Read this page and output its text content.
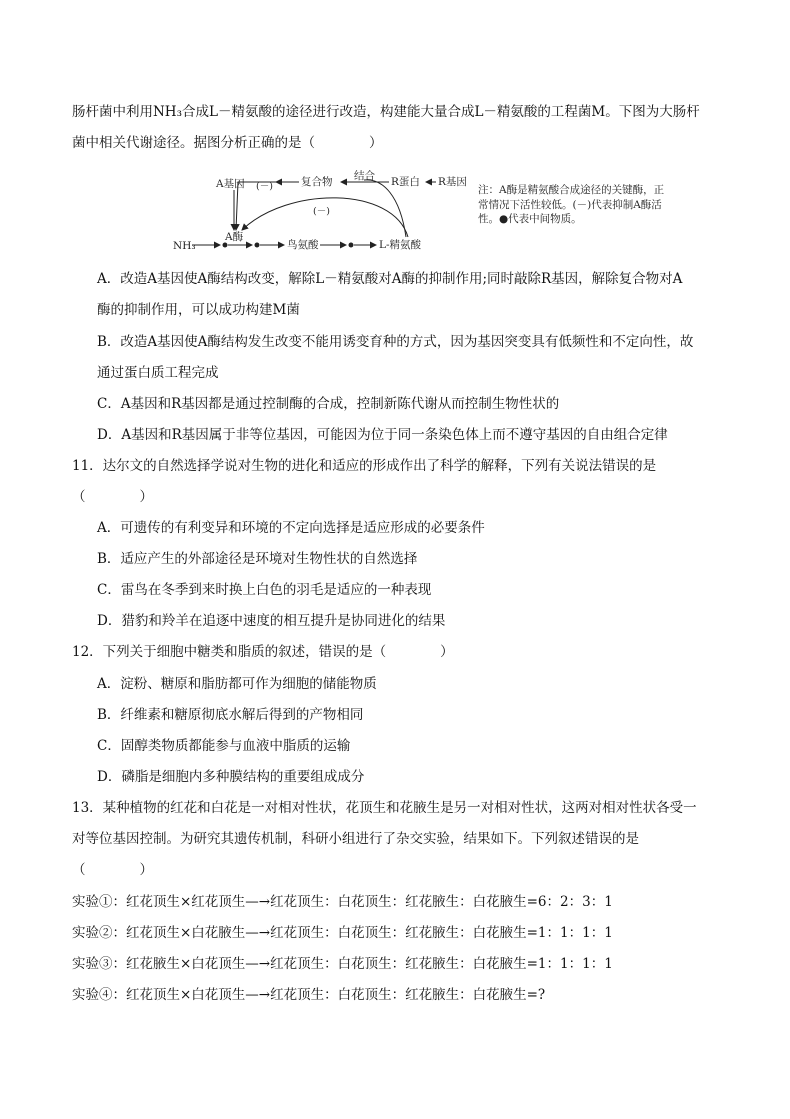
肠杆菌中利用NH₃合成L－精氨酸的途径进行改造，构建能大量合成L－精氨酸的工程菌M。下图为大肠杆
菌中相关代谢途径。据图分析正确的是（　　　　）
A基因 (－)	复合物 结合 R蛋白 R基因
(－)
NH₃
A酶
鸟氨酸	L-精氨酸
注：A酶是精氨酸合成途径的关键酶，正常情况下活性较低。(－)代表抑制A酶活性。●代表中间物质。
A．改造A基因使A酶结构改变，解除L－精氨酸对A酶的抑制作用;同时敲除R基因，解除复合物对A
酶的抑制作用，可以成功构建M菌
B．改造A基因使A酶结构发生改变不能用诱变育种的方式，因为基因突变具有低频性和不定向性，故
通过蛋白质工程完成
C．A基因和R基因都是通过控制酶的合成，控制新陈代谢从而控制生物性状的
D．A基因和R基因属于非等位基因，可能因为位于同一条染色体上而不遵守基因的自由组合定律
11．达尔文的自然选择学说对生物的进化和适应的形成作出了科学的解释，下列有关说法错误的是
（　　　　）
A．可遗传的有利变异和环境的不定向选择是适应形成的必要条件
B．适应产生的外部途径是环境对生物性状的自然选择
C．雷鸟在冬季到来时换上白色的羽毛是适应的一种表现
D．猎豹和羚羊在追逐中速度的相互提升是协同进化的结果
12．下列关于细胞中糖类和脂质的叙述，错误的是（　　　　）
A．淀粉、糖原和脂肪都可作为细胞的储能物质
B．纤维素和糖原彻底水解后得到的产物相同
C．固醇类物质都能参与血液中脂质的运输
D．磷脂是细胞内多种膜结构的重要组成成分
13．某种植物的红花和白花是一对相对性状，花顶生和花腋生是另一对相对性状，这两对相对性状各受一
对等位基因控制。为研究其遗传机制，科研小组进行了杂交实验，结果如下。下列叙述错误的是
（　　　　）
实验①：红花顶生×红花顶生—→红花顶生：白花顶生：红花腋生：白花腋生=6：2：3：1
实验②：红花顶生×白花腋生—→红花顶生：白花顶生：红花腋生：白花腋生=1：1：1：1
实验③：红花腋生×白花顶生—→红花顶生：白花顶生：红花腋生：白花腋生=1：1：1：1
实验④：红花顶生×白花顶生—→红花顶生：白花顶生：红花腋生：白花腋生=?
